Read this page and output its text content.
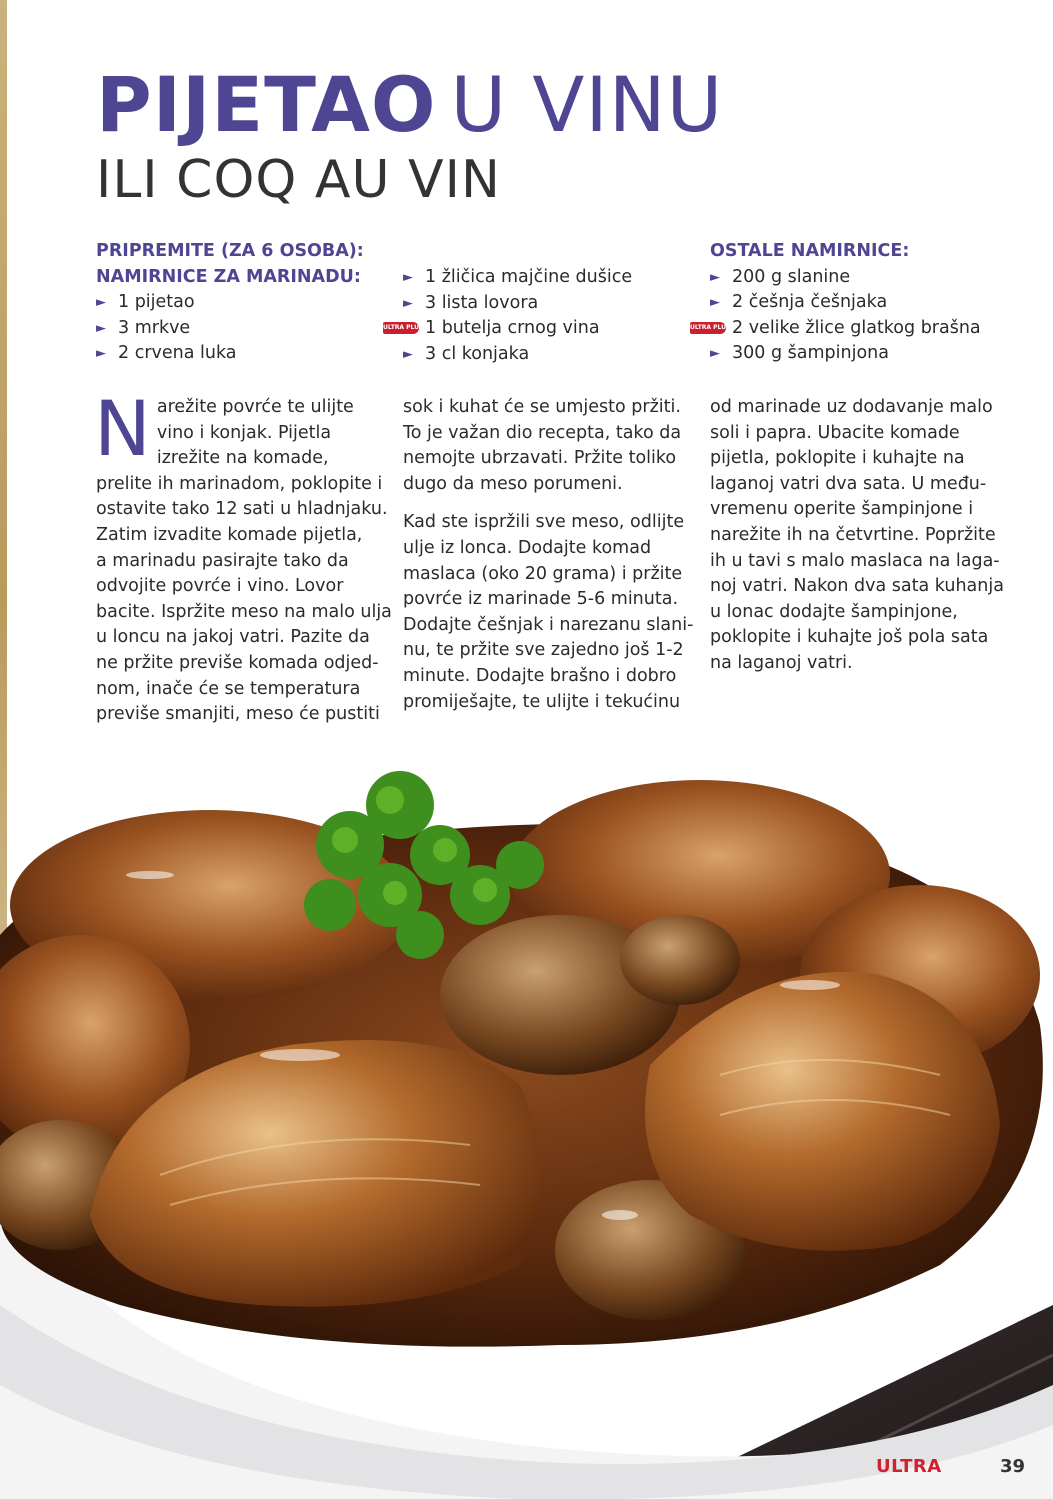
PIJETAO U VINU
ILI COQ AU VIN
PRIPREMITE (ZA 6 OSOBA):
NAMIRNICE ZA MARINADU:
► 1 pijetao
► 3 mrkve
► 2 crvena luka
N arežite povrće te ulijte
vino i konjak. Pijetla
izrežite na komade,
prelite ih marinadom, poklopite i
ostavite tako 12 sati u hladnjaku.
Zatim izvadite komade pijetla,
a marinadu pasirajte tako da
odvojite povrće i vino. Lovor
bacite. Ispržite meso na malo ulja
u loncu na jakoj vatri. Pazite da
ne pržite previše komada odjed-
nom, inače će se temperatura
previše smanjiti, meso će pustiti
► 1 žličica majčine dušice
► 3 lista lovora
ULTRA PLUS 1 butelja crnog vina
► 3 cl konjaka
sok i kuhat će se umjesto pržiti.
To je važan dio recepta, tako da
nemojte ubrzavati. Pržite toliko
dugo da meso porumeni.
Kad ste ispržili sve meso, odlijte
ulje iz lonca. Dodajte komad
maslaca (oko 20 grama) i pržite
povrće iz marinade 5-6 minuta.
Dodajte češnjak i narezanu slani-
nu, te pržite sve zajedno još 1-2
minute. Dodajte brašno i dobro
promiješajte, te ulijte i tekućinu
OSTALE NAMIRNICE:
► 200 g slanine
► 2 češnja češnjaka
ULTRA PLUS 2 velike žlice glatkog brašna
► 300 g šampinjona
od marinade uz dodavanje malo
soli i papra. Ubacite komade
pijetla, poklopite i kuhajte na
laganoj vatri dva sata. U među-
vremenu operite šampinjone i
narežite ih na četvrtine. Popržite
ih u tavi s malo maslaca na laga-
noj vatri. Nakon dva sata kuhanja
u lonac dodajte šampinjone,
poklopite i kuhajte još pola sata
na laganoj vatri.
ULTRA	39
